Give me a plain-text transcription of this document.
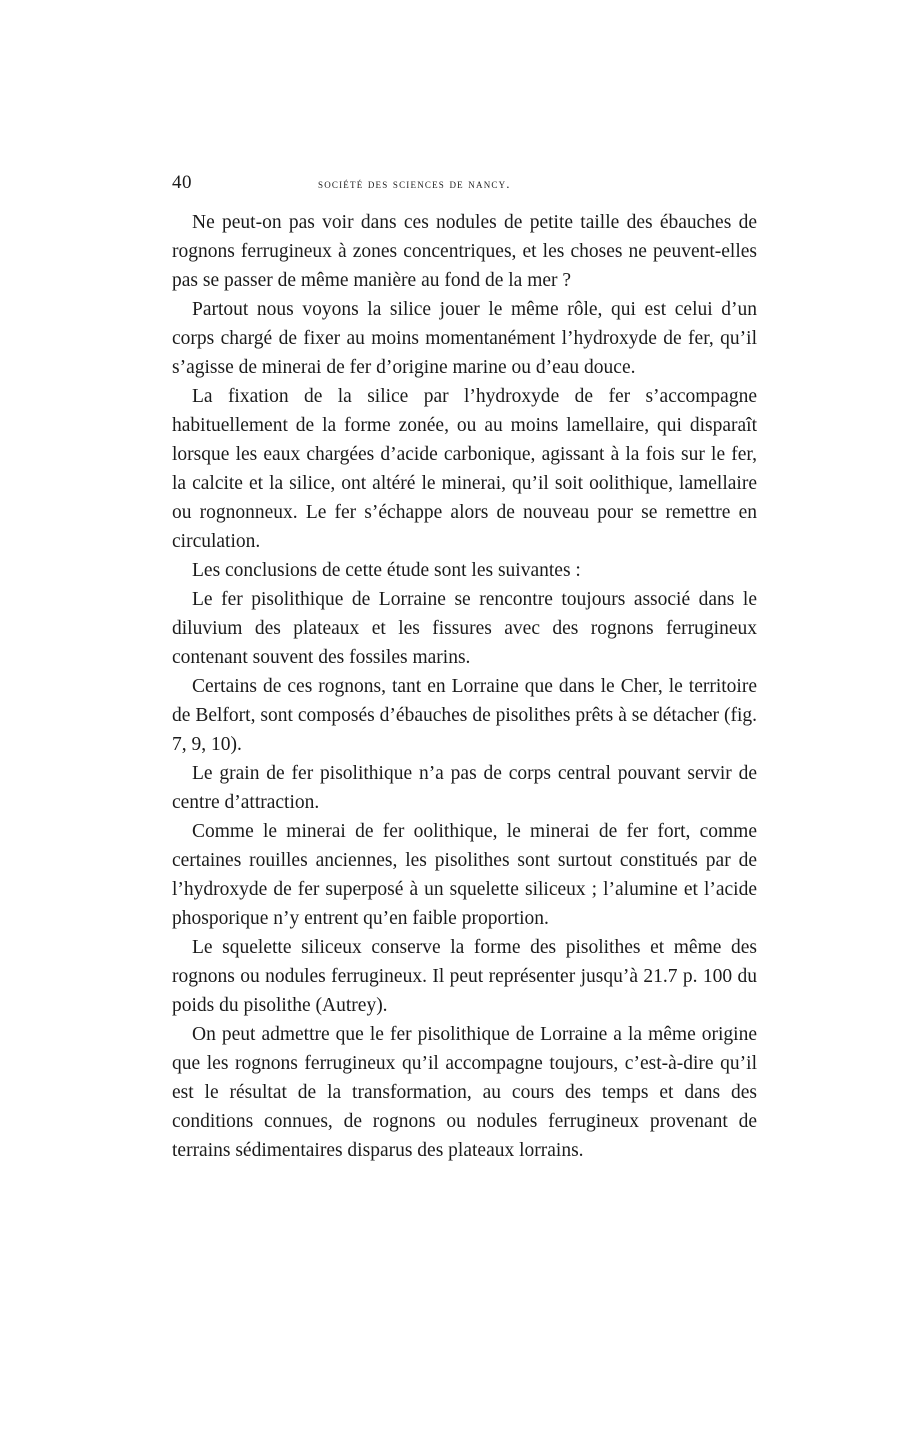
40	société des sciences de nancy.

Ne peut-on pas voir dans ces nodules de petite taille des ébauches de rognons ferrugineux à zones concentriques, et les choses ne peuvent-elles pas se passer de même manière au fond de la mer ?

Partout nous voyons la silice jouer le même rôle, qui est celui d’un corps chargé de fixer au moins momentanément l’hydroxyde de fer, qu’il s’agisse de minerai de fer d’origine marine ou d’eau douce.

La fixation de la silice par l’hydroxyde de fer s’accompagne habituellement de la forme zonée, ou au moins lamellaire, qui disparaît lorsque les eaux chargées d’acide carbonique, agissant à la fois sur le fer, la calcite et la silice, ont altéré le minerai, qu’il soit oolithique, lamellaire ou rognonneux. Le fer s’échappe alors de nouveau pour se remettre en circulation.

Les conclusions de cette étude sont les suivantes :

Le fer pisolithique de Lorraine se rencontre toujours associé dans le diluvium des plateaux et les fissures avec des rognons ferrugineux contenant souvent des fossiles marins.

Certains de ces rognons, tant en Lorraine que dans le Cher, le territoire de Belfort, sont composés d’ébauches de pisolithes prêts à se détacher (fig. 7, 9, 10).

Le grain de fer pisolithique n’a pas de corps central pouvant servir de centre d’attraction.

Comme le minerai de fer oolithique, le minerai de fer fort, comme certaines rouilles anciennes, les pisolithes sont surtout constitués par de l’hydroxyde de fer superposé à un squelette siliceux ; l’alumine et l’acide phosporique n’y entrent qu’en faible proportion.

Le squelette siliceux conserve la forme des pisolithes et même des rognons ou nodules ferrugineux. Il peut représenter jusqu’à 21.7 p. 100 du poids du pisolithe (Autrey).

On peut admettre que le fer pisolithique de Lorraine a la même origine que les rognons ferrugineux qu’il accompagne toujours, c’est-à-dire qu’il est le résultat de la transformation, au cours des temps et dans des conditions connues, de rognons ou nodules ferrugineux provenant de terrains sédimentaires disparus des plateaux lorrains.
